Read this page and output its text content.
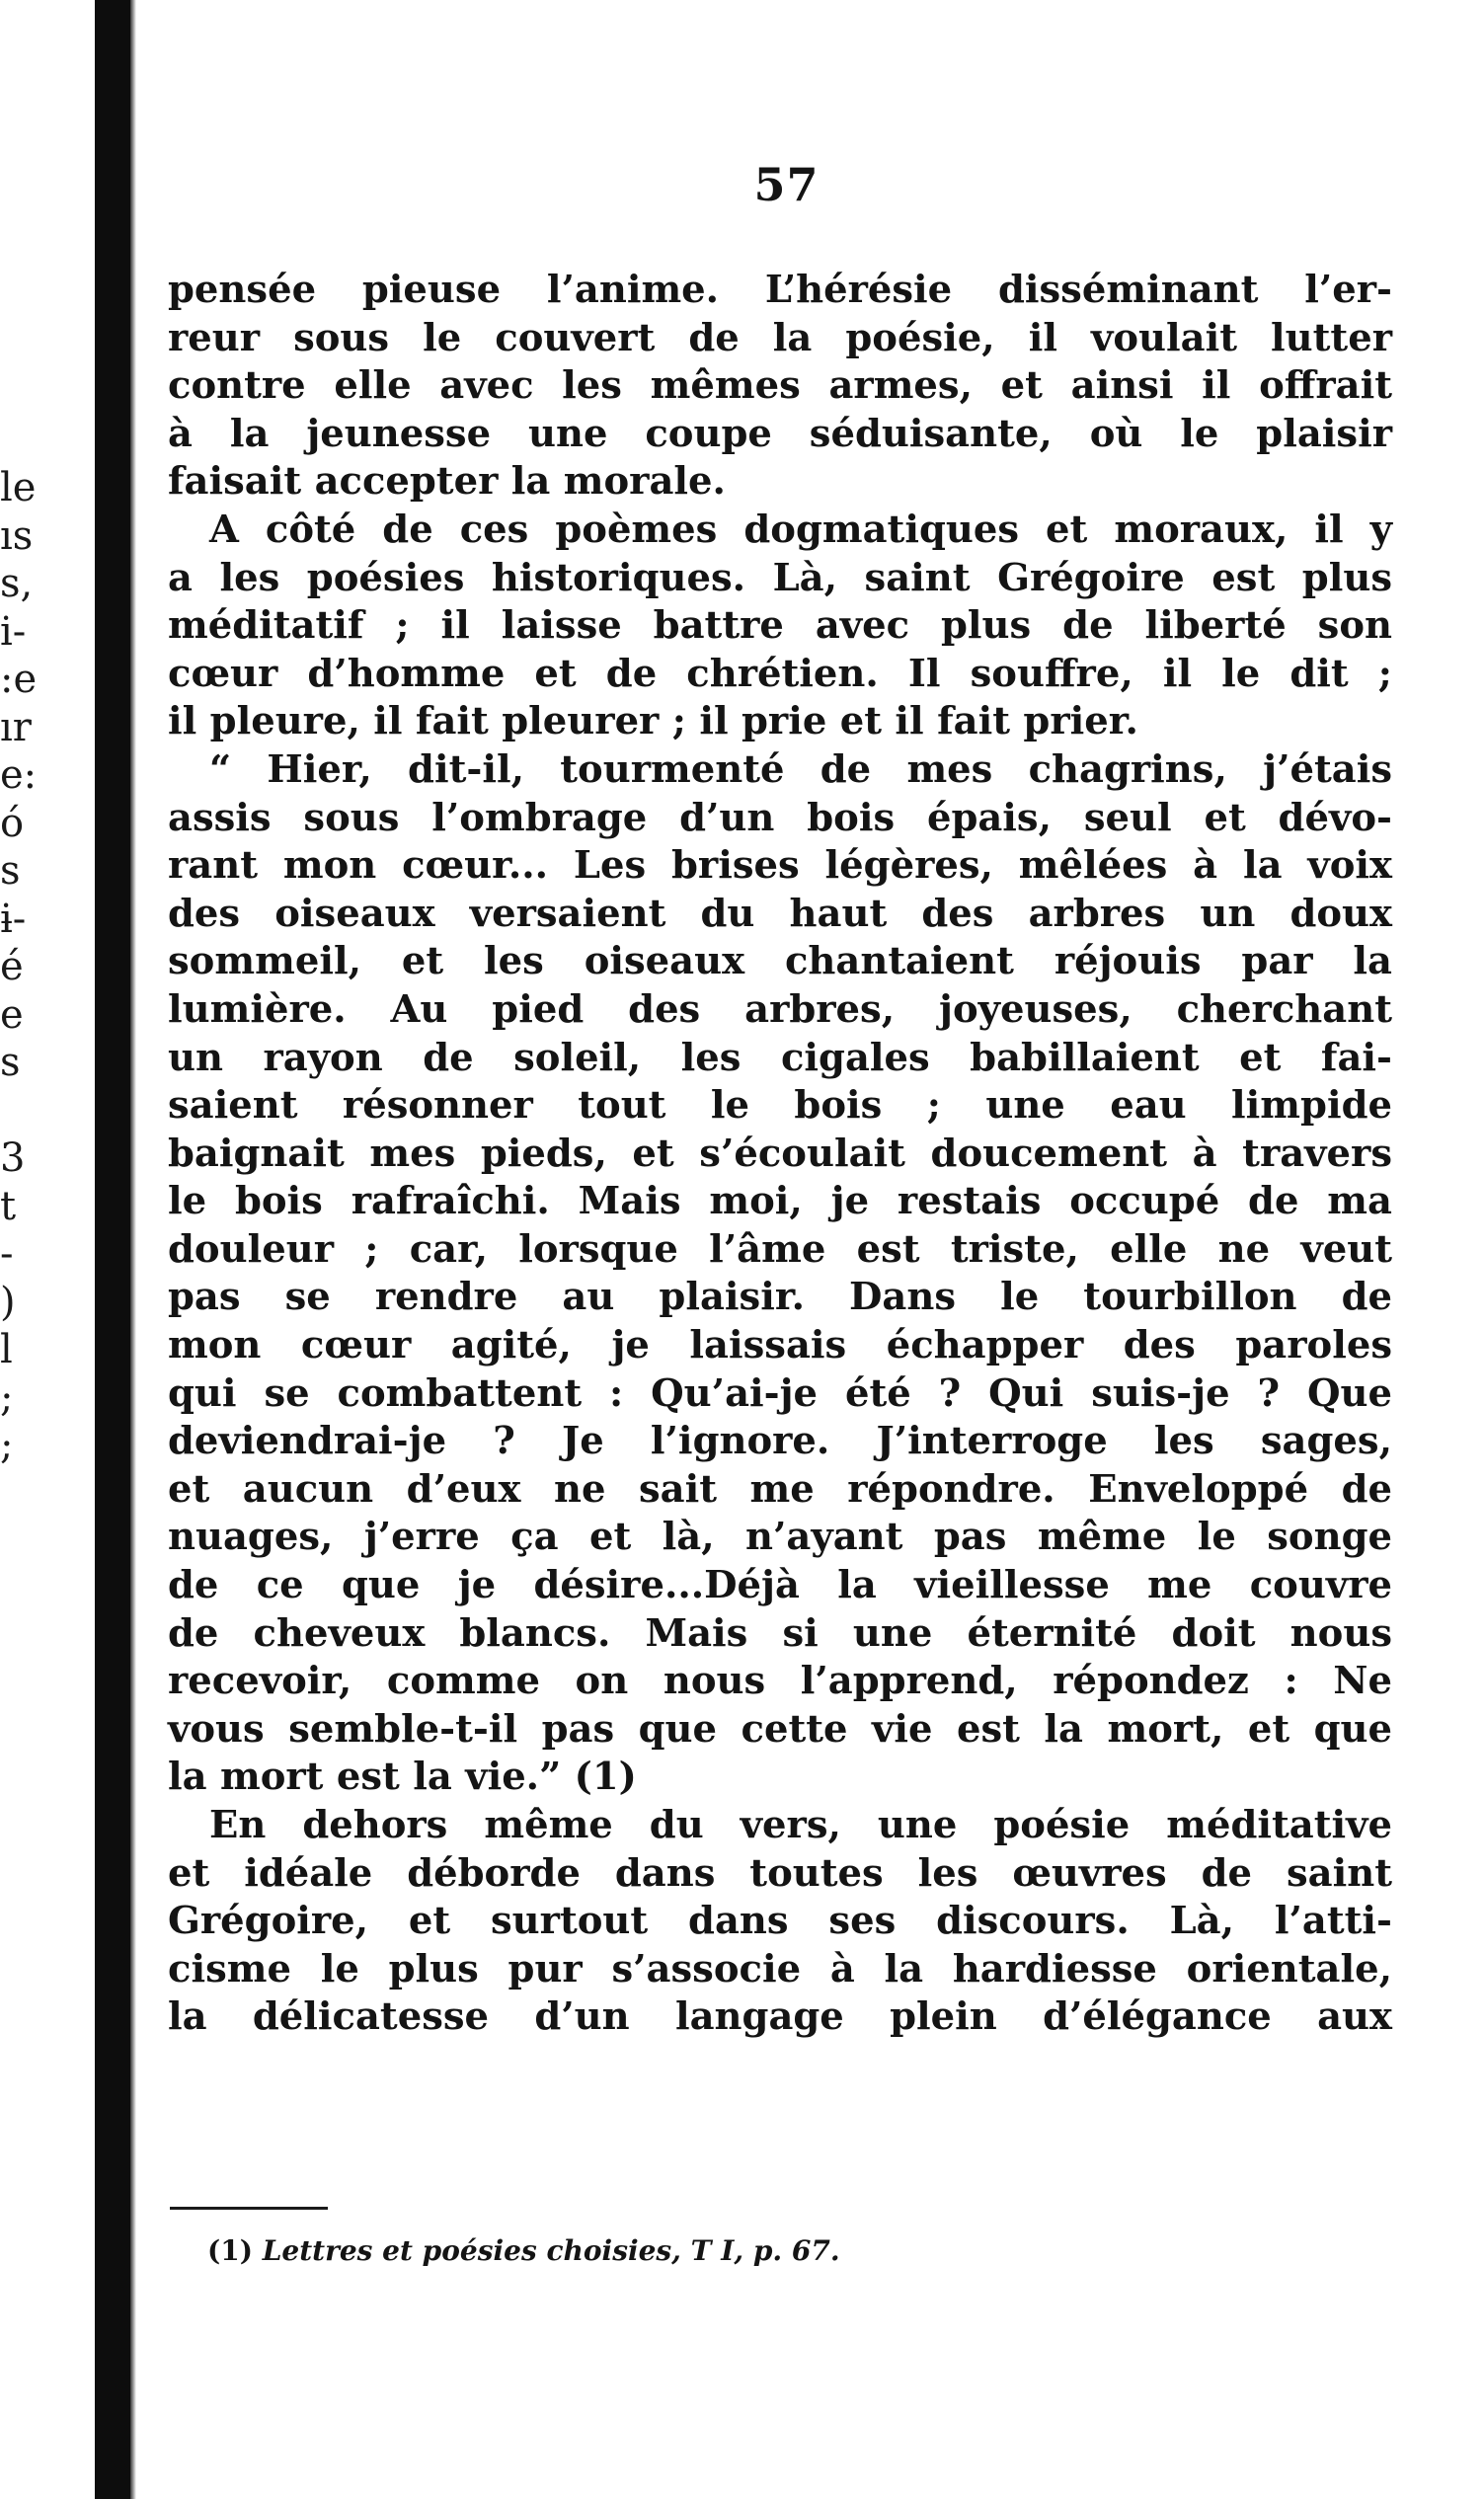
le
ıs
s,
i-
:e
ır
e:
ó
s
ɨ-
é
e
s
3
t
-
)
l
;
;
57
pensée pieuse l’anime. L’hérésie disséminant l’er-
reur sous le couvert de la poésie, il voulait lutter
contre elle avec les mêmes armes, et ainsi il offrait
à la jeunesse une coupe séduisante, où le plaisir
faisait accepter la morale.
A côté de ces poèmes dogmatiques et moraux, il y
a les poésies historiques. Là, saint Grégoire est plus
méditatif ; il laisse battre avec plus de liberté son
cœur d’homme et de chrétien. Il souffre, il le dit ;
il pleure, il fait pleurer ; il prie et il fait prier.
“ Hier, dit-il, tourmenté de mes chagrins, j’étais
assis sous l’ombrage d’un bois épais, seul et dévo-
rant mon cœur... Les brises légères, mêlées à la voix
des oiseaux versaient du haut des arbres un doux
sommeil, et les oiseaux chantaient réjouis par la
lumière. Au pied des arbres, joyeuses, cherchant
un rayon de soleil, les cigales babillaient et fai-
saient résonner tout le bois ; une eau limpide
baignait mes pieds, et s’écoulait doucement à travers
le bois rafraîchi. Mais moi, je restais occupé de ma
douleur ; car, lorsque l’âme est triste, elle ne veut
pas se rendre au plaisir. Dans le tourbillon de
mon cœur agité, je laissais échapper des paroles
qui se combattent : Qu’ai-je été ? Qui suis-je ? Que
deviendrai-je ? Je l’ignore. J’interroge les sages,
et aucun d’eux ne sait me répondre. Enveloppé de
nuages, j’erre ça et là, n’ayant pas même le songe
de ce que je désire...Déjà la vieillesse me couvre
de cheveux blancs. Mais si une éternité doit nous
recevoir, comme on nous l’apprend, répondez : Ne
vous semble-t-il pas que cette vie est la mort, et que
la mort est la vie.” (1)
En dehors même du vers, une poésie méditative
et idéale déborde dans toutes les œuvres de saint
Grégoire, et surtout dans ses discours. Là, l’atti-
cisme le plus pur s’associe à la hardiesse orientale,
la délicatesse d’un langage plein d’élégance aux
(1) Lettres et poésies choisies, T I, p. 67.
